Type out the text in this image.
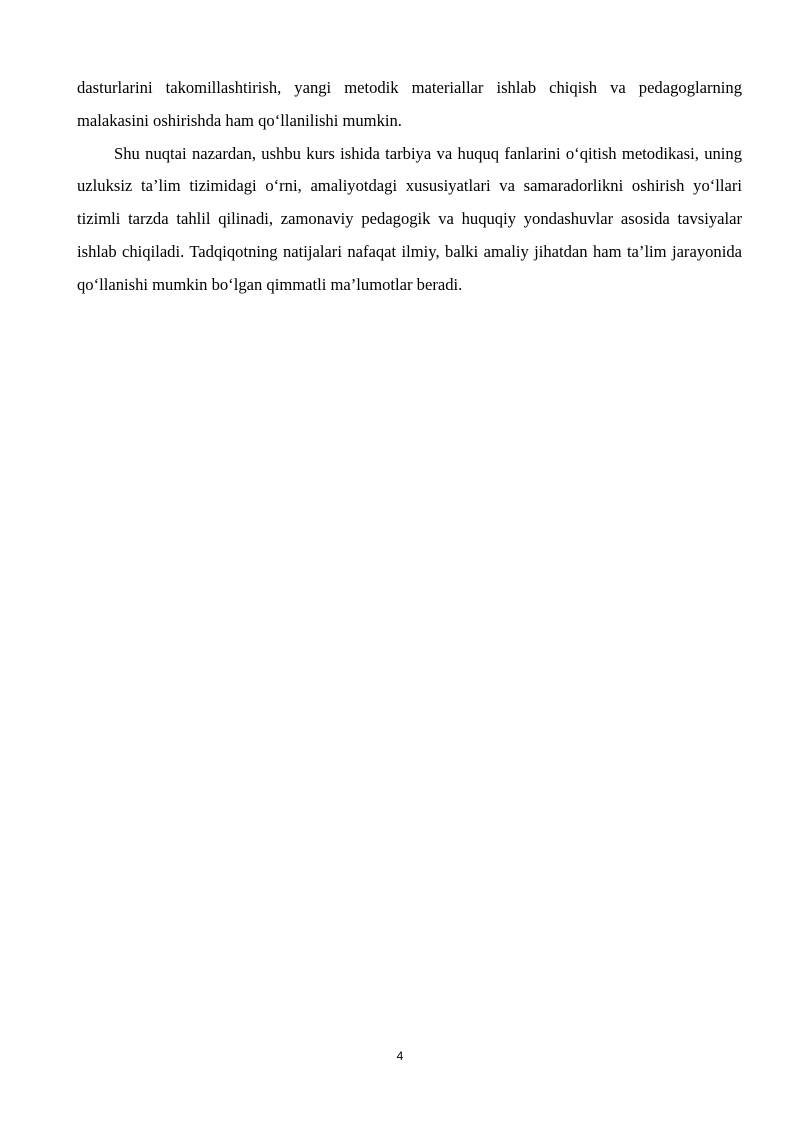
dasturlarini takomillashtirish, yangi metodik materiallar ishlab chiqish va pedagoglarning malakasini oshirishda ham qo‘llanilishi mumkin.

Shu nuqtai nazardan, ushbu kurs ishida tarbiya va huquq fanlarini o‘qitish metodikasi, uning uzluksiz ta’lim tizimidagi o‘rni, amaliyotdagi xususiyatlari va samaradorlikni oshirish yo‘llari tizimli tarzda tahlil qilinadi, zamonaviy pedagogik va huquqiy yondashuvlar asosida tavsiyalar ishlab chiqiladi. Tadqiqotning natijalari nafaqat ilmiy, balki amaliy jihatdan ham ta’lim jarayonida qo‘llanishi mumkin bo‘lgan qimmatli ma’lumotlar beradi.

4
